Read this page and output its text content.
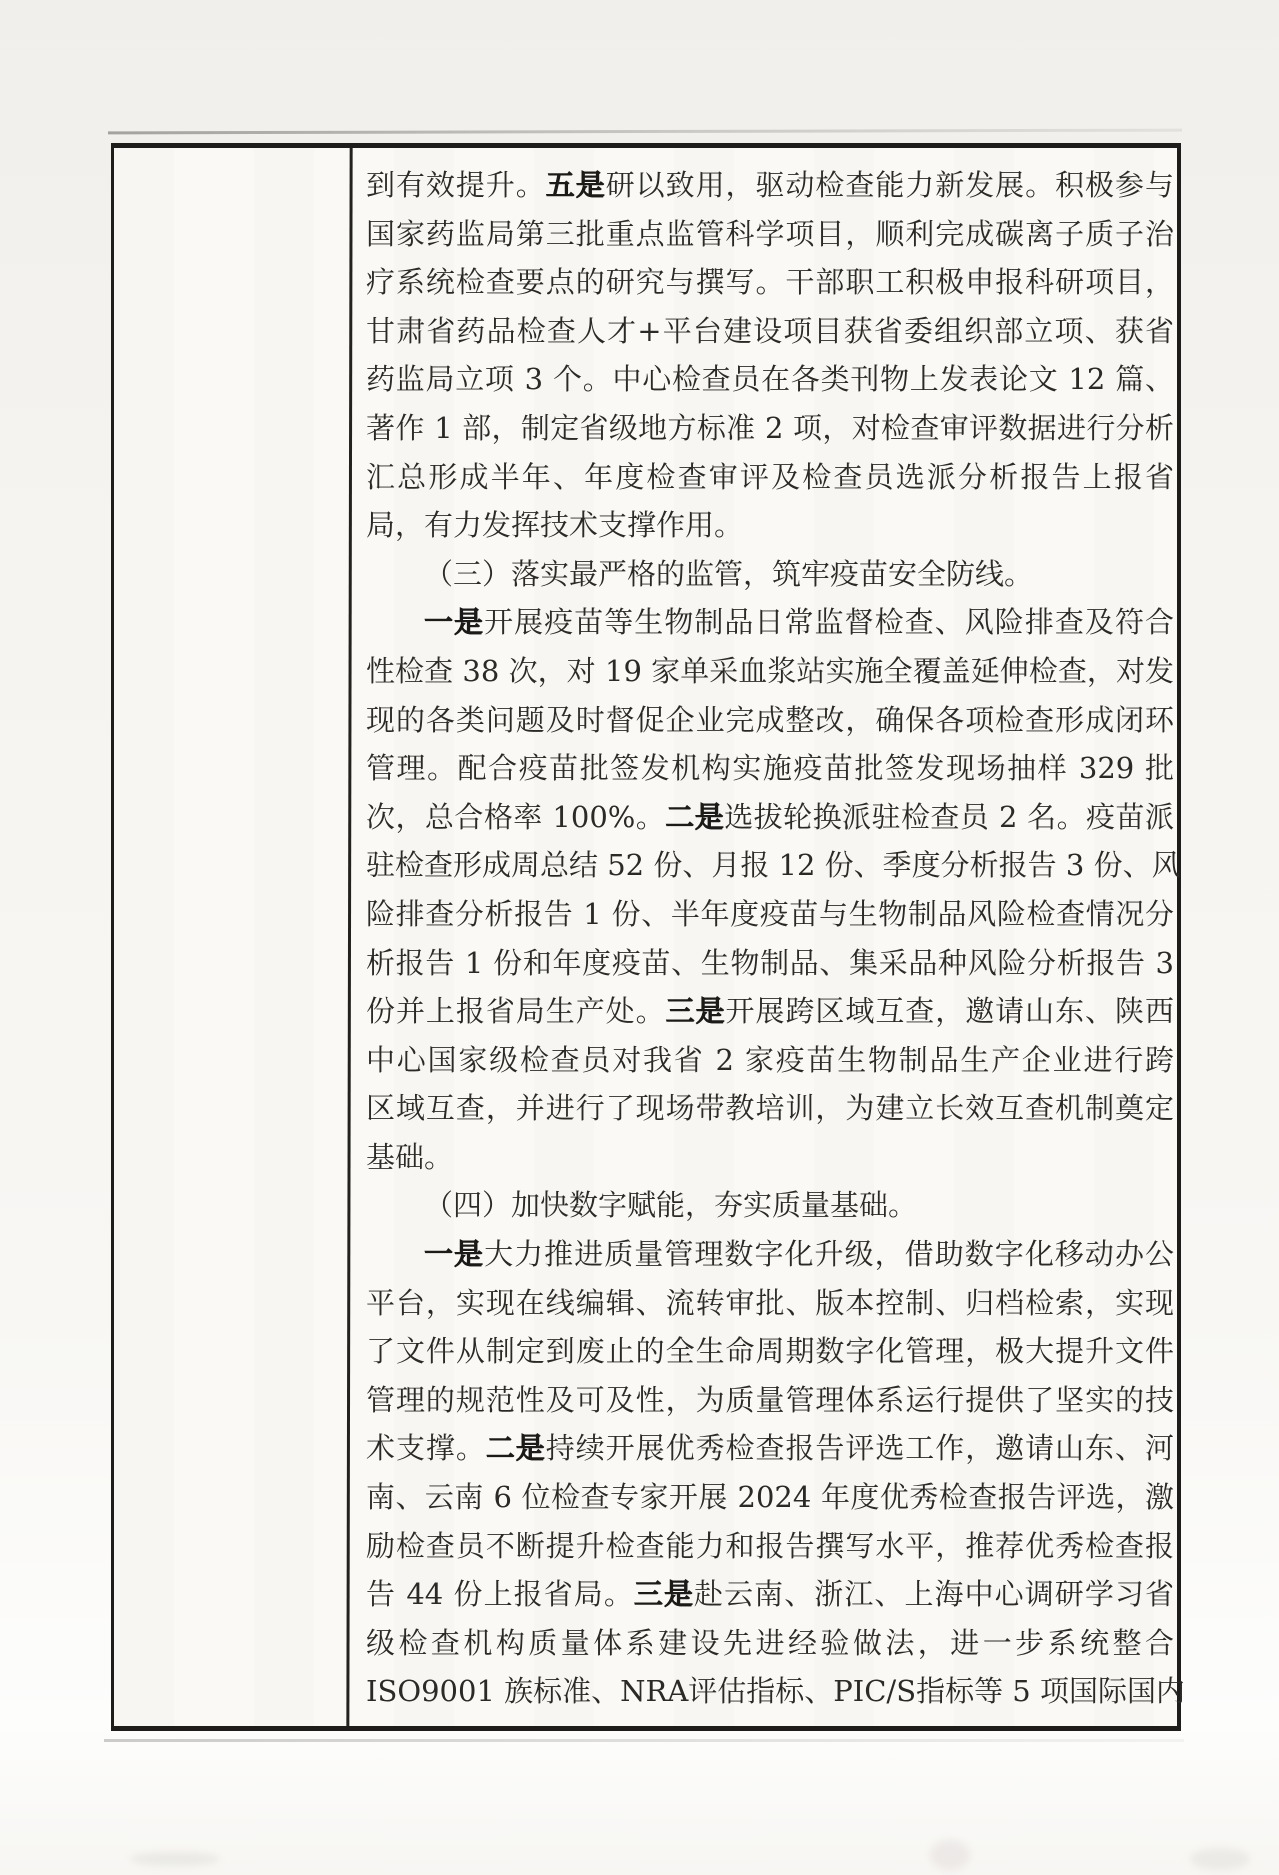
到有效提升。五是研以致用，驱动检查能力新发展。积极参与
国家药监局第三批重点监管科学项目，顺利完成碳离子质子治
疗系统检查要点的研究与撰写。干部职工积极申报科研项目，
甘肃省药品检查人才+平台建设项目获省委组织部立项、获省
药监局立项 3 个。中心检查员在各类刊物上发表论文 12 篇、
著作 1 部，制定省级地方标准 2 项，对检查审评数据进行分析
汇总形成半年、年度检查审评及检查员选派分析报告上报省
局，有力发挥技术支撑作用。
（三）落实最严格的监管，筑牢疫苗安全防线。
一是开展疫苗等生物制品日常监督检查、风险排查及符合
性检查 38 次，对 19 家单采血浆站实施全覆盖延伸检查，对发
现的各类问题及时督促企业完成整改，确保各项检查形成闭环
管理。配合疫苗批签发机构实施疫苗批签发现场抽样 329 批
次，总合格率 100%。二是选拔轮换派驻检查员 2 名。疫苗派
驻检查形成周总结 52 份、月报 12 份、季度分析报告 3 份、风
险排查分析报告 1 份、半年度疫苗与生物制品风险检查情况分
析报告 1 份和年度疫苗、生物制品、集采品种风险分析报告 3
份并上报省局生产处。三是开展跨区域互查，邀请山东、陕西
中心国家级检查员对我省 2 家疫苗生物制品生产企业进行跨
区域互查，并进行了现场带教培训，为建立长效互查机制奠定
基础。
（四）加快数字赋能，夯实质量基础。
一是大力推进质量管理数字化升级，借助数字化移动办公
平台，实现在线编辑、流转审批、版本控制、归档检索，实现
了文件从制定到废止的全生命周期数字化管理，极大提升文件
管理的规范性及可及性，为质量管理体系运行提供了坚实的技
术支撑。二是持续开展优秀检查报告评选工作，邀请山东、河
南、云南 6 位检查专家开展 2024 年度优秀检查报告评选，激
励检查员不断提升检查能力和报告撰写水平，推荐优秀检查报
告 44 份上报省局。三是赴云南、浙江、上海中心调研学习省
级检查机构质量体系建设先进经验做法，进一步系统整合
ISO9001 族标准、NRA评估指标、PIC/S指标等 5 项国际国内
